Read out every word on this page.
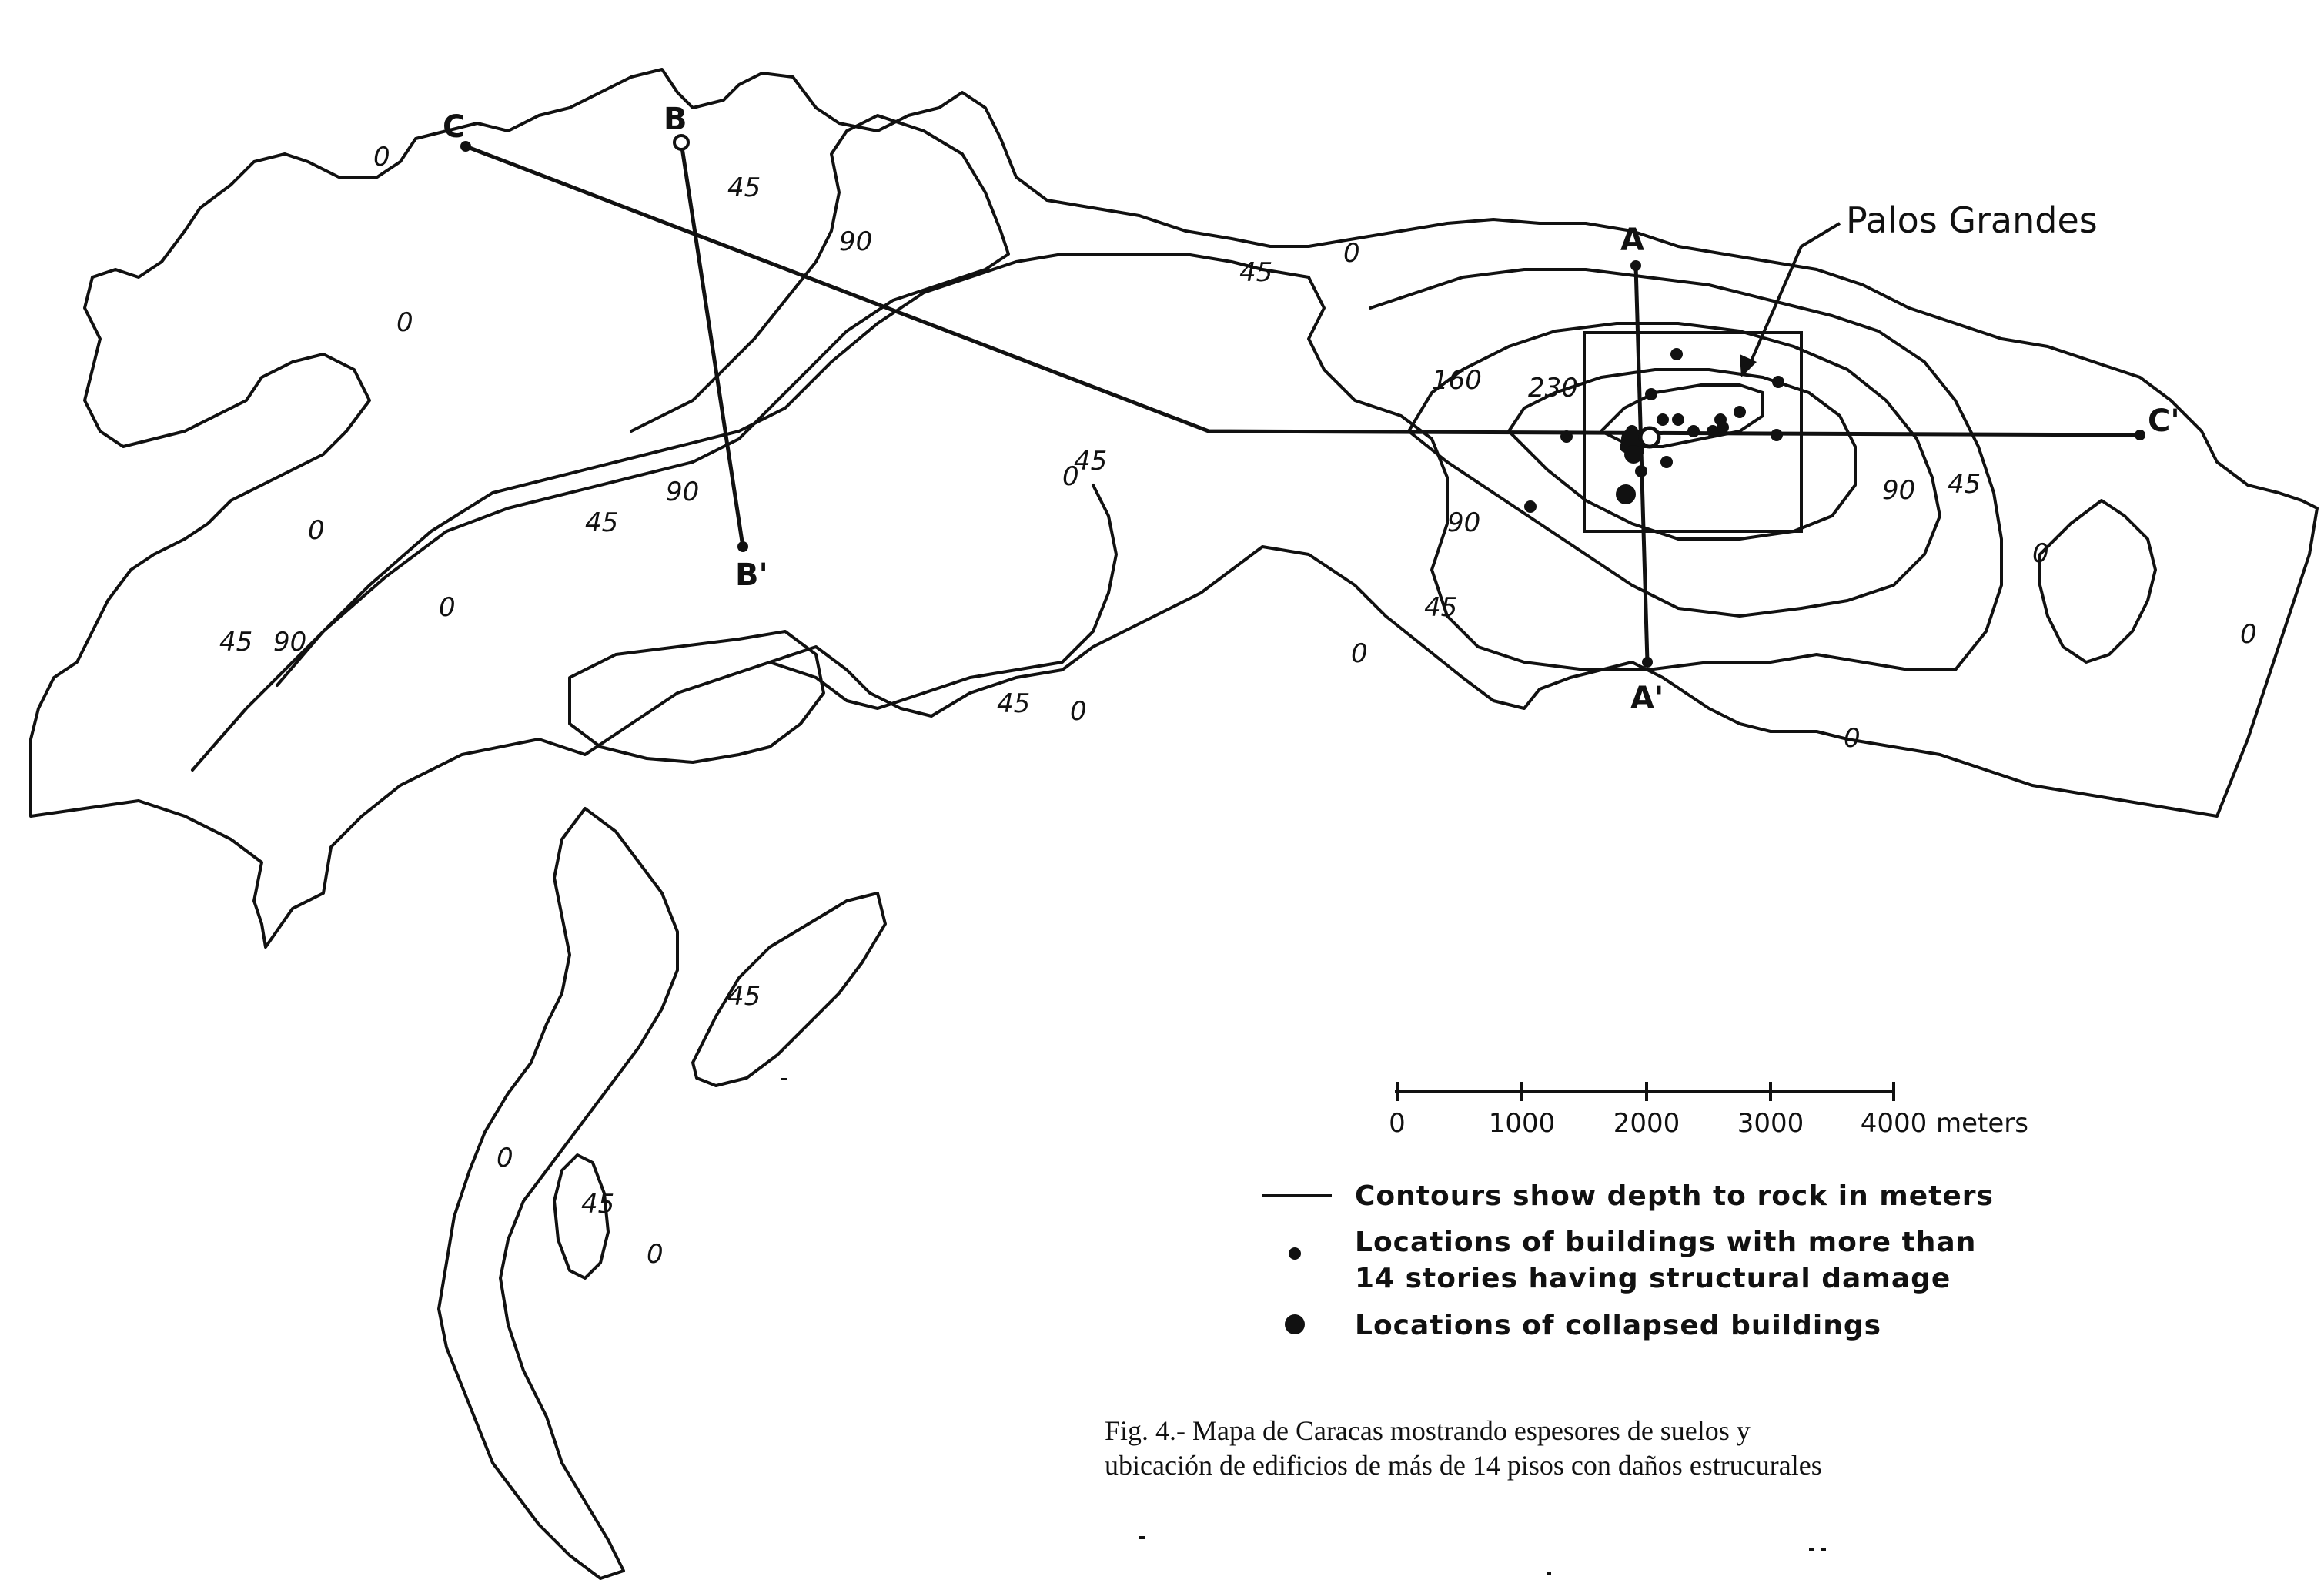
A
A'
B
B'
C
C'
Palos Grandes
0
0
0
0
0
0
0
0
0
0
0
0
0
45
45
45
45
45
45
45
45
45
45
90
90
90
90
90
160 230
0	1000 2000 3000 4000 meters
Contours show depth to rock in meters
Locations of buildings with more than
14 stories having structural damage
Locations of collapsed buildings
Fig. 4.- Mapa de Caracas mostrando espesores de suelos y
ubicación de edificios de más de 14 pisos con daños estrucurales
